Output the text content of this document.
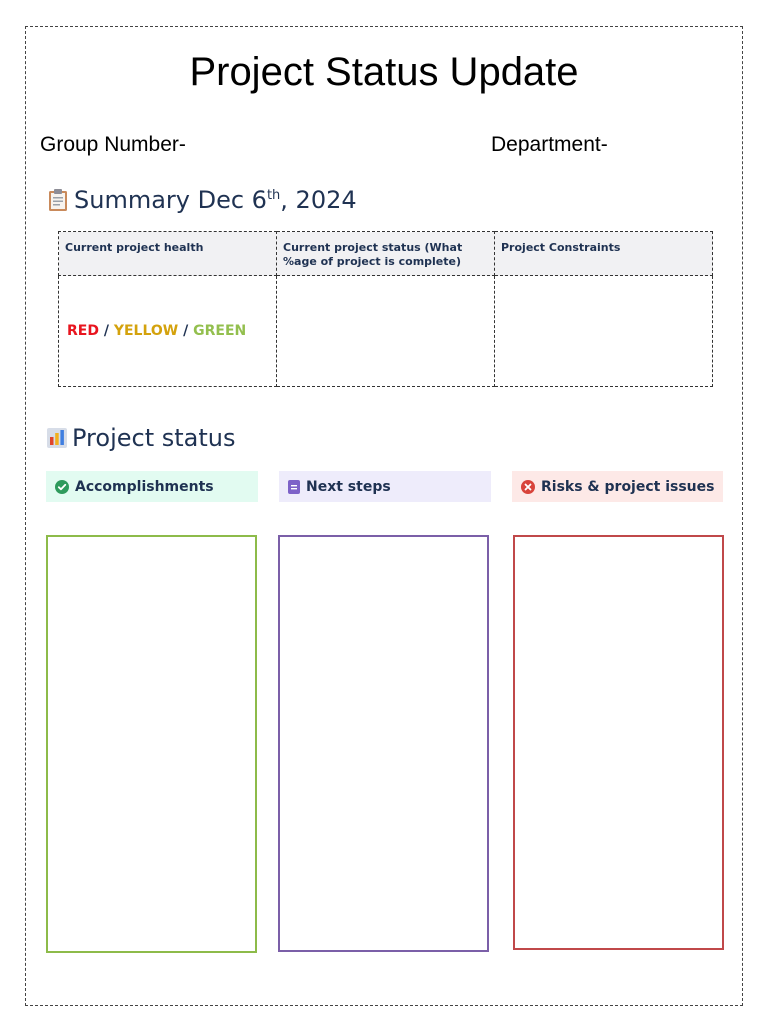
Project Status Update
Group Number-	Department-
Summary Dec 6th, 2024
Current project health	Current project status (What %age of project is complete)	Project Constraints
RED / YELLOW / GREEN		
Project status
Accomplishments	Next steps	Risks & project issues
